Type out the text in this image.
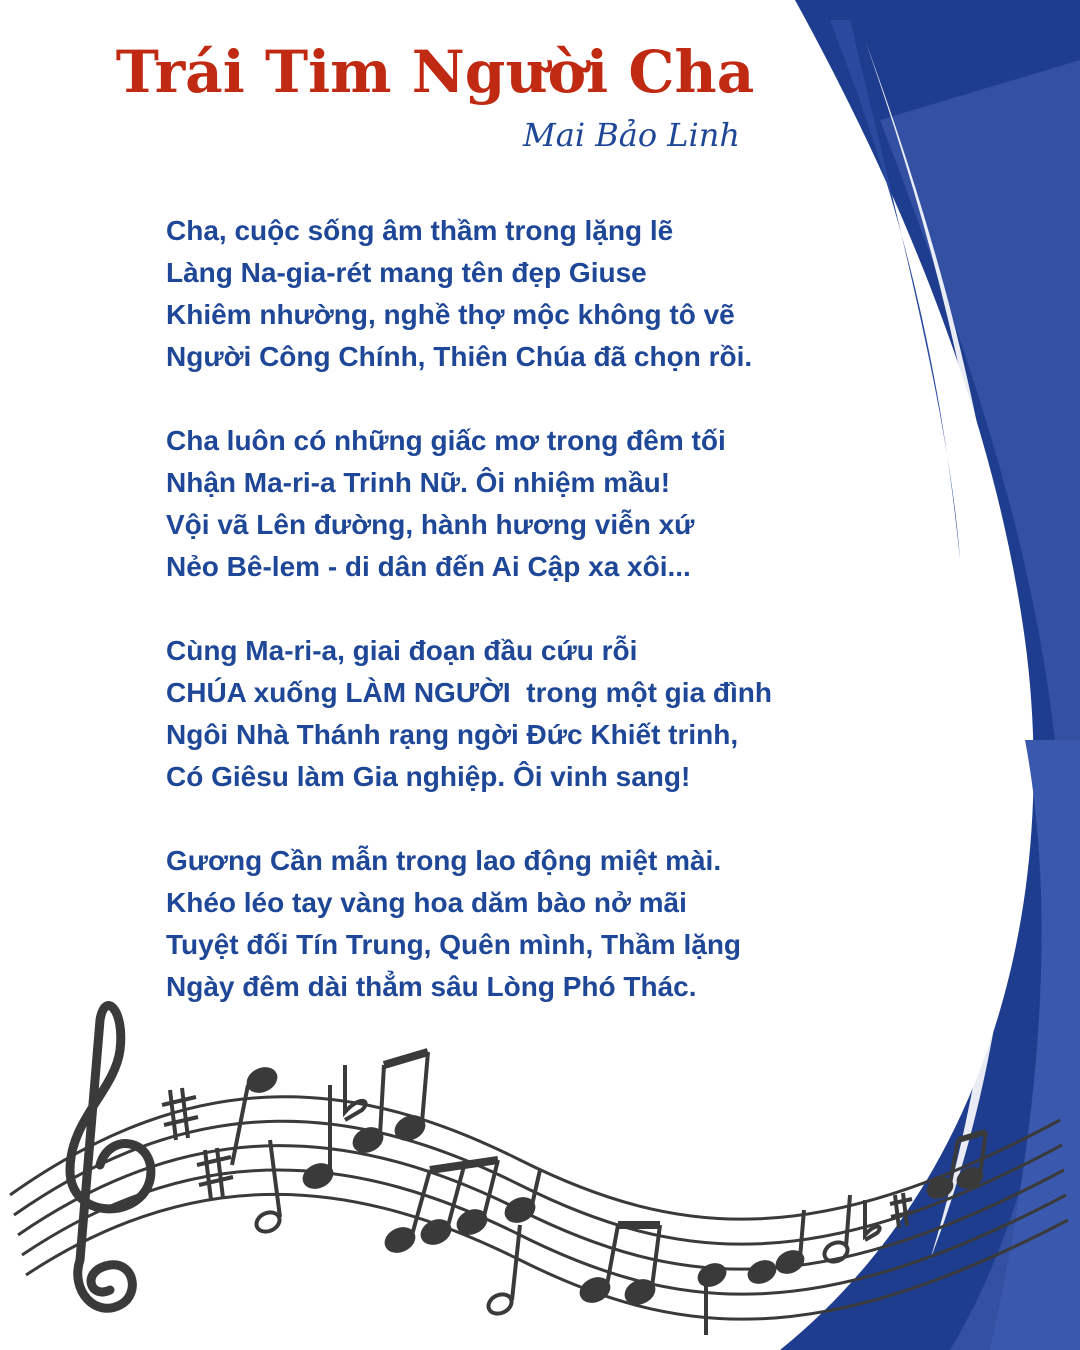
Trái Tim Người Cha
Mai Bảo Linh
Cha, cuộc sống âm thầm trong lặng lẽ
Làng Na-gia-rét mang tên đẹp Giuse
Khiêm nhường, nghề thợ mộc không tô vẽ
Người Công Chính, Thiên Chúa đã chọn rồi.
Cha luôn có những giấc mơ trong đêm tối
Nhận Ma-ri-a Trinh Nữ. Ôi nhiệm mầu!
Vội vã Lên đường, hành hương viễn xứ
Nẻo Bê-lem - di dân đến Ai Cập xa xôi...
Cùng Ma-ri-a, giai đoạn đầu cứu rỗi
CHÚA xuống LÀM NGƯỜI  trong một gia đình
Ngôi Nhà Thánh rạng ngời Đức Khiết trinh,
Có Giêsu làm Gia nghiệp. Ôi vinh sang!
Gương Cần mẫn trong lao động miệt mài.
Khéo léo tay vàng hoa dăm bào nở mãi
Tuyệt đối Tín Trung, Quên mình, Thầm lặng
Ngày đêm dài thẳm sâu Lòng Phó Thác.
